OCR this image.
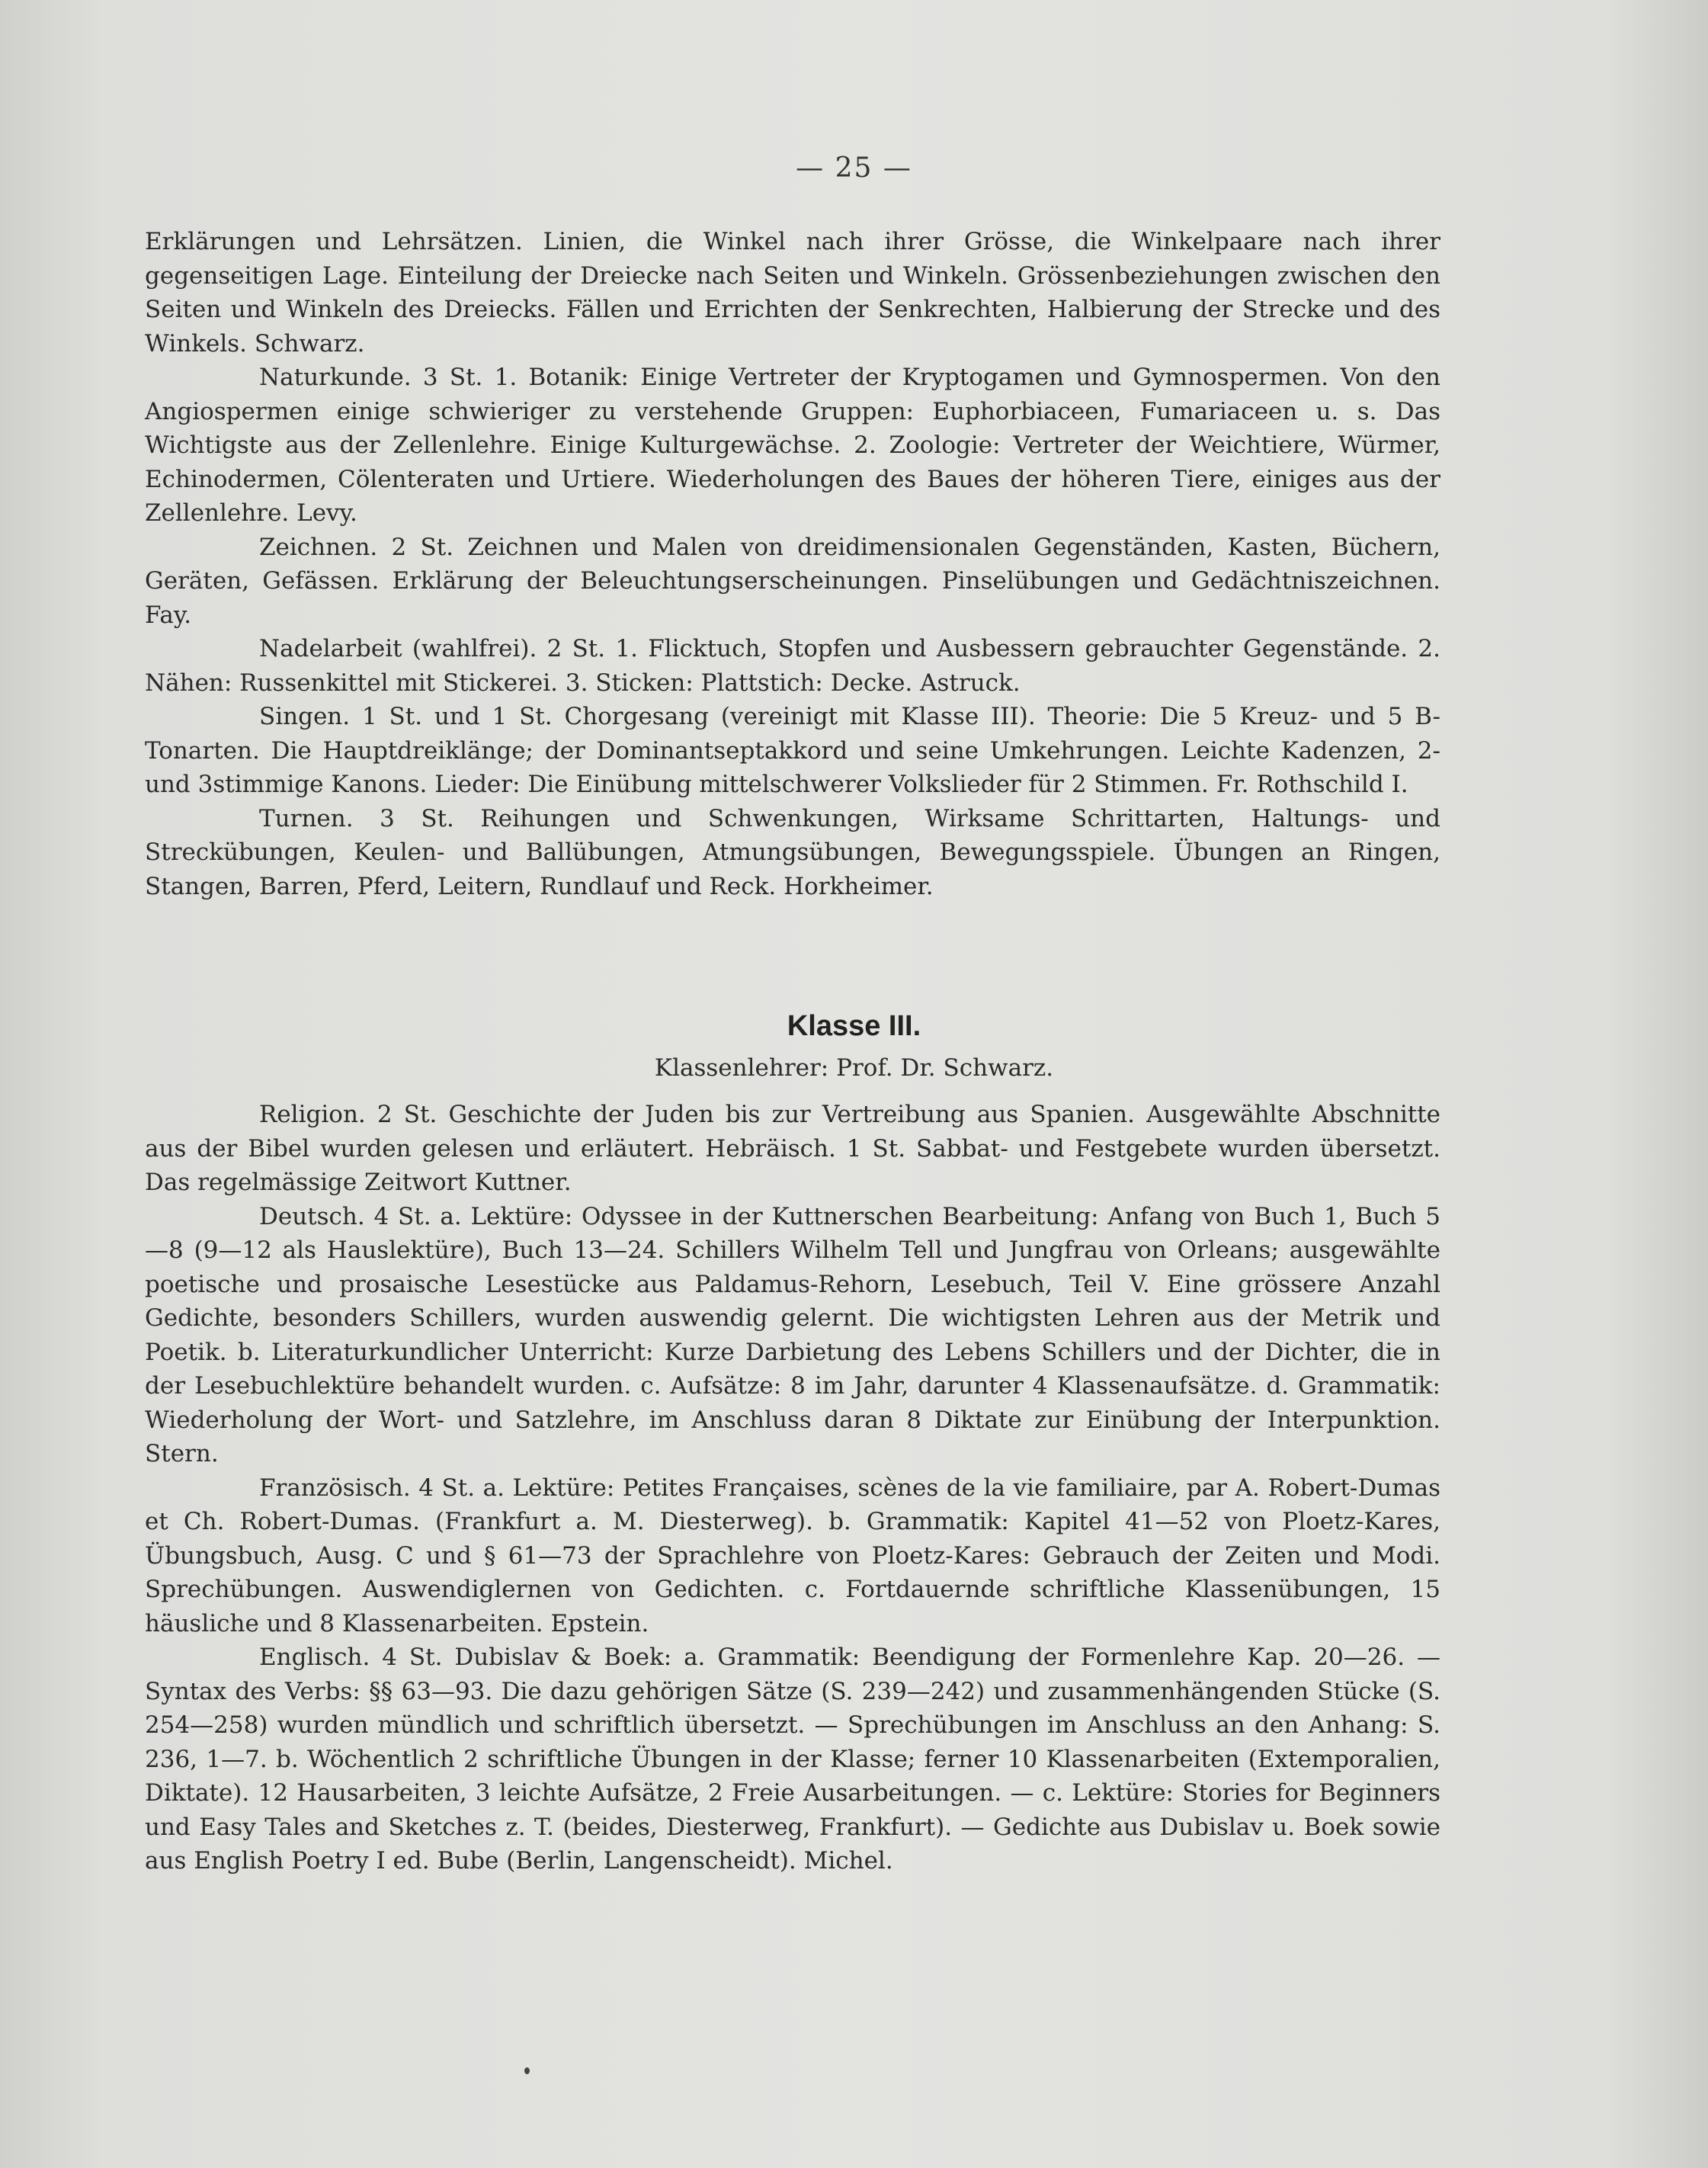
— 25 —

Erklärungen und Lehrsätzen. Linien, die Winkel nach ihrer Grösse, die Winkelpaare nach ihrer gegenseitigen Lage. Einteilung der Dreiecke nach Seiten und Winkeln. Grössenbeziehungen zwischen den Seiten und Winkeln des Dreiecks. Fällen und Errichten der Senkrechten, Halbierung der Strecke und des Winkels. Schwarz.

Naturkunde. 3 St. 1. Botanik: Einige Vertreter der Kryptogamen und Gymnospermen. Von den Angiospermen einige schwieriger zu verstehende Gruppen: Euphorbiaceen, Fumariaceen u. s. Das Wichtigste aus der Zellenlehre. Einige Kulturgewächse. 2. Zoologie: Vertreter der Weichtiere, Würmer, Echinodermen, Cölenteraten und Urtiere. Wiederholungen des Baues der höheren Tiere, einiges aus der Zellenlehre. Levy.

Zeichnen. 2 St. Zeichnen und Malen von dreidimensionalen Gegenständen, Kasten, Büchern, Geräten, Gefässen. Erklärung der Beleuchtungserscheinungen. Pinselübungen und Gedächtniszeichnen. Fay.

Nadelarbeit (wahlfrei). 2 St. 1. Flicktuch, Stopfen und Ausbessern gebrauchter Gegenstände. 2. Nähen: Russenkittel mit Stickerei. 3. Sticken: Plattstich: Decke. Astruck.

Singen. 1 St. und 1 St. Chorgesang (vereinigt mit Klasse III). Theorie: Die 5 Kreuz- und 5 B-Tonarten. Die Hauptdreiklänge; der Dominantseptakkord und seine Umkehrungen. Leichte Kadenzen, 2- und 3stimmige Kanons. Lieder: Die Einübung mittelschwerer Volkslieder für 2 Stimmen. Fr. Rothschild I.

Turnen. 3 St. Reihungen und Schwenkungen, Wirksame Schrittarten, Haltungs- und Streckübungen, Keulen- und Ballübungen, Atmungsübungen, Bewegungsspiele. Übungen an Ringen, Stangen, Barren, Pferd, Leitern, Rundlauf und Reck. Horkheimer.

Klasse III.
Klassenlehrer: Prof. Dr. Schwarz.

Religion. 2 St. Geschichte der Juden bis zur Vertreibung aus Spanien. Ausgewählte Abschnitte aus der Bibel wurden gelesen und erläutert. Hebräisch. 1 St. Sabbat- und Festgebete wurden übersetzt. Das regelmässige Zeitwort Kuttner.

Deutsch. 4 St. a. Lektüre: Odyssee in der Kuttnerschen Bearbeitung: Anfang von Buch 1, Buch 5—8 (9—12 als Hauslektüre), Buch 13—24. Schillers Wilhelm Tell und Jungfrau von Orleans; ausgewählte poetische und prosaische Lesestücke aus Paldamus-Rehorn, Lesebuch, Teil V. Eine grössere Anzahl Gedichte, besonders Schillers, wurden auswendig gelernt. Die wichtigsten Lehren aus der Metrik und Poetik. b. Literaturkundlicher Unterricht: Kurze Darbietung des Lebens Schillers und der Dichter, die in der Lesebuchlektüre behandelt wurden. c. Aufsätze: 8 im Jahr, darunter 4 Klassenaufsätze. d. Grammatik: Wiederholung der Wort- und Satzlehre, im Anschluss daran 8 Diktate zur Einübung der Interpunktion. Stern.

Französisch. 4 St. a. Lektüre: Petites Françaises, scènes de la vie familiaire, par A. Robert-Dumas et Ch. Robert-Dumas. (Frankfurt a. M. Diesterweg). b. Grammatik: Kapitel 41—52 von Ploetz-Kares, Übungsbuch, Ausg. C und § 61—73 der Sprachlehre von Ploetz-Kares: Gebrauch der Zeiten und Modi. Sprechübungen. Auswendiglernen von Gedichten. c. Fortdauernde schriftliche Klassenübungen, 15 häusliche und 8 Klassenarbeiten. Epstein.

Englisch. 4 St. Dubislav & Boek: a. Grammatik: Beendigung der Formenlehre Kap. 20—26. — Syntax des Verbs: §§ 63—93. Die dazu gehörigen Sätze (S. 239—242) und zusammenhängenden Stücke (S. 254—258) wurden mündlich und schriftlich übersetzt. — Sprechübungen im Anschluss an den Anhang: S. 236, 1—7. b. Wöchentlich 2 schriftliche Übungen in der Klasse; ferner 10 Klassenarbeiten (Extemporalien, Diktate). 12 Hausarbeiten, 3 leichte Aufsätze, 2 Freie Ausarbeitungen. — c. Lektüre: Stories for Beginners und Easy Tales and Sketches z. T. (beides, Diesterweg, Frankfurt). — Gedichte aus Dubislav u. Boek sowie aus English Poetry I ed. Bube (Berlin, Langenscheidt). Michel.
